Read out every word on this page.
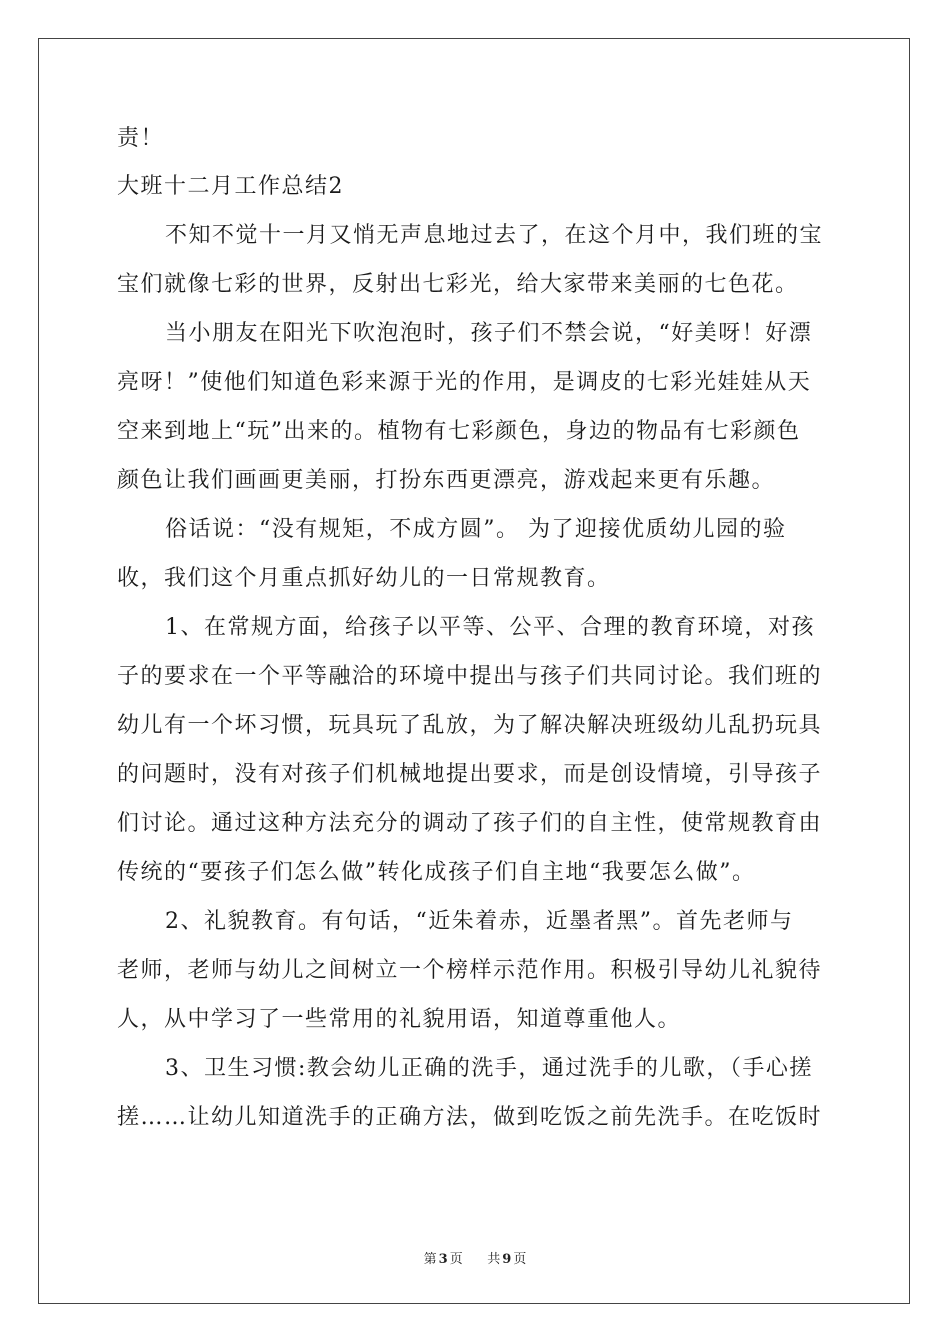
责！
大班十二月工作总结2
不知不觉十一月又悄无声息地过去了，在这个月中，我们班的宝
宝们就像七彩的世界，反射出七彩光，给大家带来美丽的七色花。
当小朋友在阳光下吹泡泡时，孩子们不禁会说，“好美呀！好漂
亮呀！”使他们知道色彩来源于光的作用，是调皮的七彩光娃娃从天
空来到地上“玩”出来的。植物有七彩颜色，身边的物品有七彩颜色
颜色让我们画画更美丽，打扮东西更漂亮，游戏起来更有乐趣。
俗话说：“没有规矩，不成方圆”。 为了迎接优质幼儿园的验
收，我们这个月重点抓好幼儿的一日常规教育。
1、在常规方面，给孩子以平等、公平、合理的教育环境，对孩
子的要求在一个平等融洽的环境中提出与孩子们共同讨论。我们班的
幼儿有一个坏习惯，玩具玩了乱放，为了解决解决班级幼儿乱扔玩具
的问题时，没有对孩子们机械地提出要求，而是创设情境，引导孩子
们讨论。通过这种方法充分的调动了孩子们的自主性，使常规教育由
传统的“要孩子们怎么做”转化成孩子们自主地“我要怎么做”。
2、礼貌教育。有句话，“近朱着赤，近墨者黑”。首先老师与
老师，老师与幼儿之间树立一个榜样示范作用。积极引导幼儿礼貌待
人，从中学习了一些常用的礼貌用语，知道尊重他人。
3、卫生习惯:教会幼儿正确的洗手，通过洗手的儿歌，（手心搓
搓……让幼儿知道洗手的正确方法，做到吃饭之前先洗手。在吃饭时
第 3 页 共 9 页
